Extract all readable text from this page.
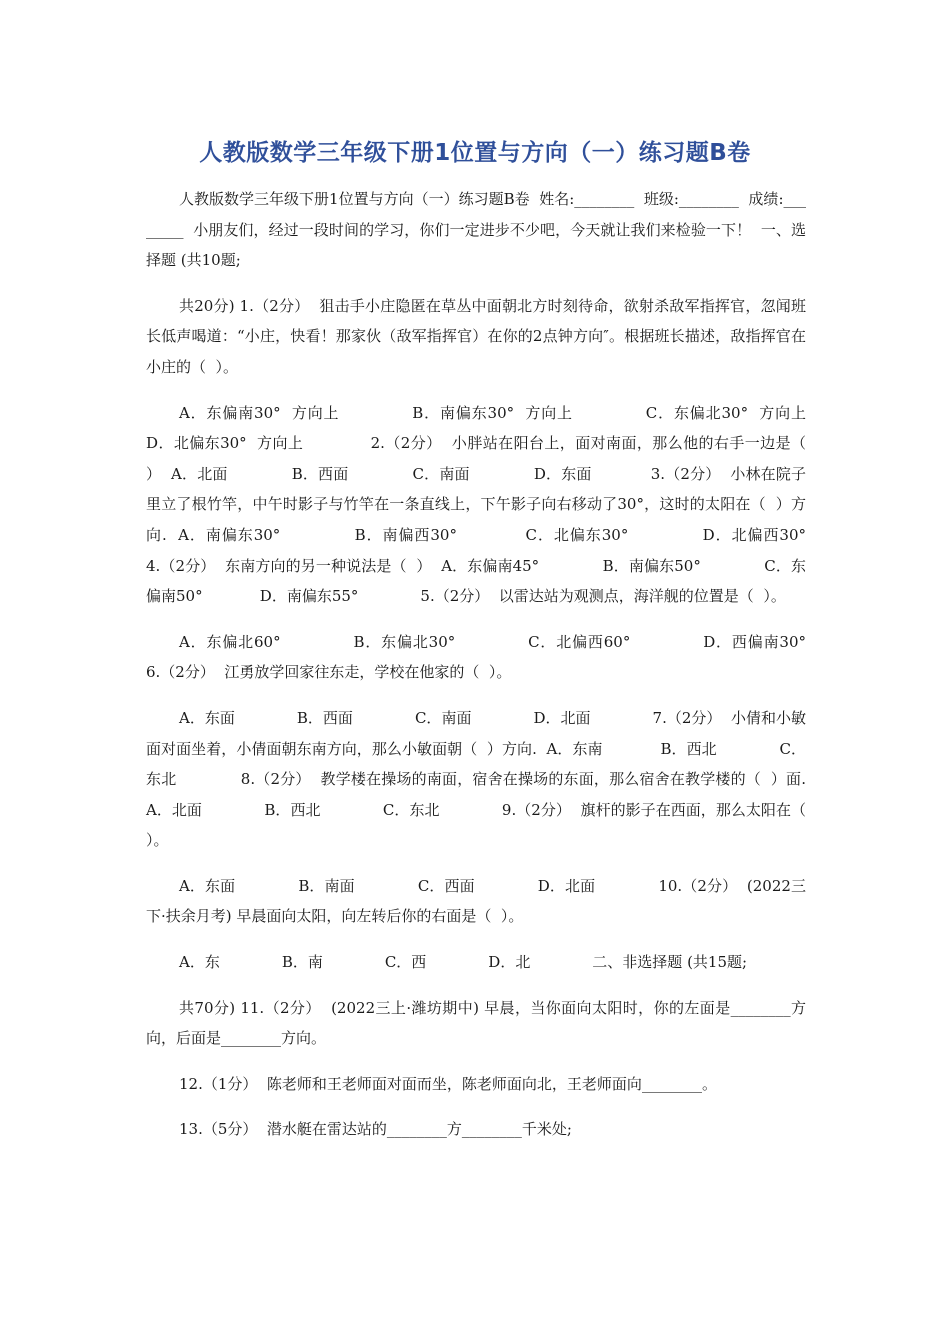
人教版数学三年级下册1位置与方向（一）练习题B卷

人教版数学三年级下册1位置与方向（一）练习题B卷  姓名:________  班级:________  成绩:________  小朋友们，经过一段时间的学习，你们一定进步不少吧，今天就让我们来检验一下！  一、选择题 (共10题;

共20分) 1.（2分）  狙击手小庄隐匿在草丛中面朝北方时刻待命，欲射杀敌军指挥官，忽闻班长低声喝道：“小庄，快看！那家伙（敌军指挥官）在你的2点钟方向″。根据班长描述，敌指挥官在小庄的（  ）。

A．东偏南30°  方向上             B．南偏东30°  方向上             C．东偏北30°  方向上          D．北偏东30°  方向上             2.（2分）  小胖站在阳台上，面对南面，那么他的右手一边是（  ）  A．北面             B．西面             C．南面             D．东面            3.（2分）  小林在院子里立了根竹竿，中午时影子与竹竿在一条直线上，下午影子向右移动了30°，这时的太阳在（  ）方向.  A．南偏东30°             B．南偏西30°            C．北偏东30°             D．北偏西30°             4.（2分）  东南方向的另一种说法是（  ）  A．东偏南45°             B．南偏东50°             C．东偏南50°            D．南偏东55°             5.（2分）  以雷达站为观测点，海洋舰的位置是（  ）。

A．东偏北60°             B．东偏北30°             C．北偏西60°             D．西偏南30°             6.（2分）  江勇放学回家往东走，学校在他家的（  ）。

A．东面             B．西面             C．南面             D．北面             7.（2分）  小倩和小敏面对面坐着，小倩面朝东南方向，那么小敏面朝（  ）方向.  A．东南            B．西北             C．东北             8.（2分）  教学楼在操场的南面，宿舍在操场的东面，那么宿舍在教学楼的（  ）面.  A．北面             B．西北             C．东北             9.（2分）  旗杆的影子在西面，那么太阳在（  ）。

A．东面             B．南面             C．西面             D．北面             10.（2分）  (2022三下·扶余月考) 早晨面向太阳，向左转后你的右面是（  ）。

A．东             B．南             C．西             D．北             二、非选择题 (共15题;

共70分) 11.（2分）  (2022三上·潍坊期中) 早晨，当你面向太阳时，你的左面是________方向，后面是________方向。

12.（1分）  陈老师和王老师面对面而坐，陈老师面向北，王老师面向________。

13.（5分）  潜水艇在雷达站的________方________千米处;
